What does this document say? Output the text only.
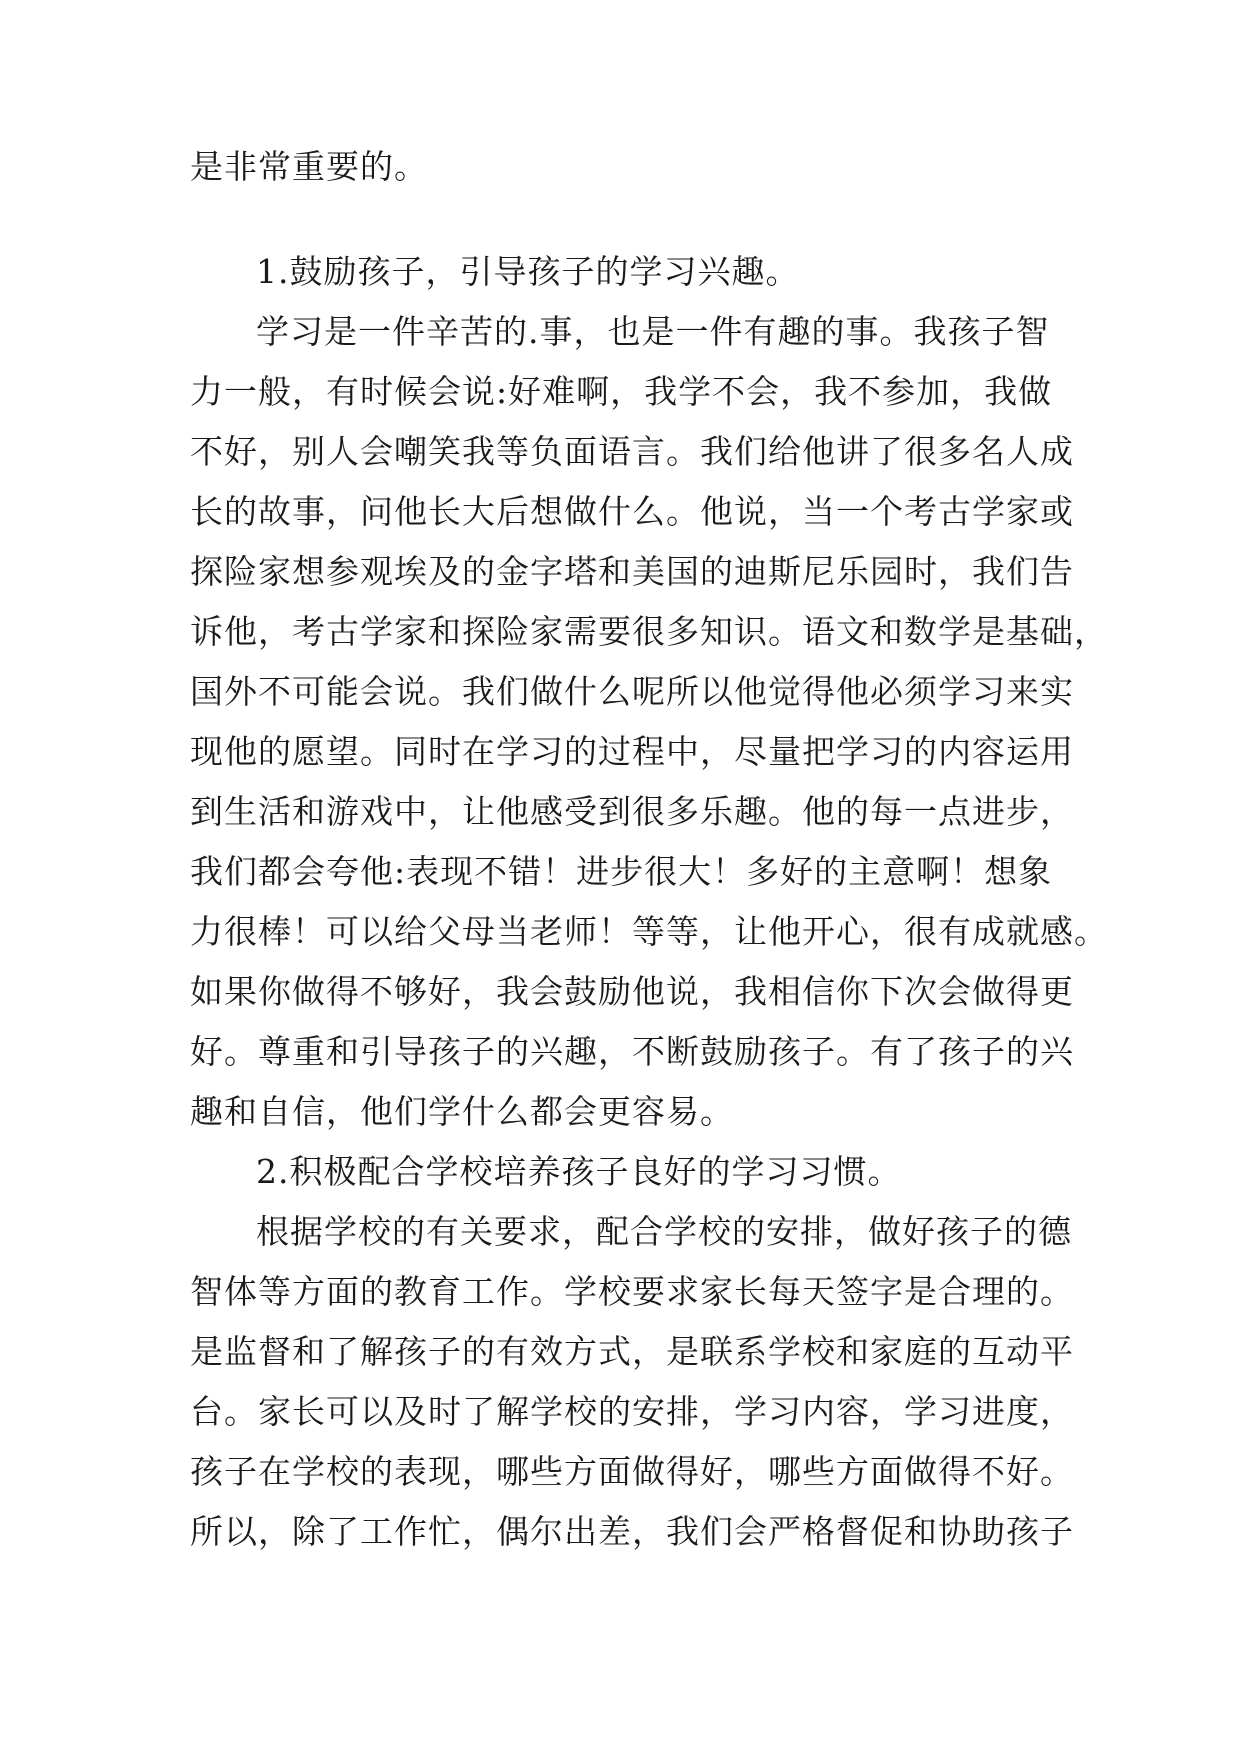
是非常重要的。
1.鼓励孩子，引导孩子的学习兴趣。
学习是一件辛苦的.事，也是一件有趣的事。我孩子智
力一般，有时候会说:好难啊，我学不会，我不参加，我做
不好，别人会嘲笑我等负面语言。我们给他讲了很多名人成
长的故事，问他长大后想做什么。他说，当一个考古学家或
探险家想参观埃及的金字塔和美国的迪斯尼乐园时，我们告
诉他，考古学家和探险家需要很多知识。语文和数学是基础，
国外不可能会说。我们做什么呢所以他觉得他必须学习来实
现他的愿望。同时在学习的过程中，尽量把学习的内容运用
到生活和游戏中，让他感受到很多乐趣。他的每一点进步，
我们都会夸他:表现不错！进步很大！多好的主意啊！想象
力很棒！可以给父母当老师！等等，让他开心，很有成就感。
如果你做得不够好，我会鼓励他说，我相信你下次会做得更
好。尊重和引导孩子的兴趣，不断鼓励孩子。有了孩子的兴
趣和自信，他们学什么都会更容易。
2.积极配合学校培养孩子良好的学习习惯。
根据学校的有关要求，配合学校的安排，做好孩子的德
智体等方面的教育工作。学校要求家长每天签字是合理的。
是监督和了解孩子的有效方式，是联系学校和家庭的互动平
台。家长可以及时了解学校的安排，学习内容，学习进度，
孩子在学校的表现，哪些方面做得好，哪些方面做得不好。
所以，除了工作忙，偶尔出差，我们会严格督促和协助孩子
